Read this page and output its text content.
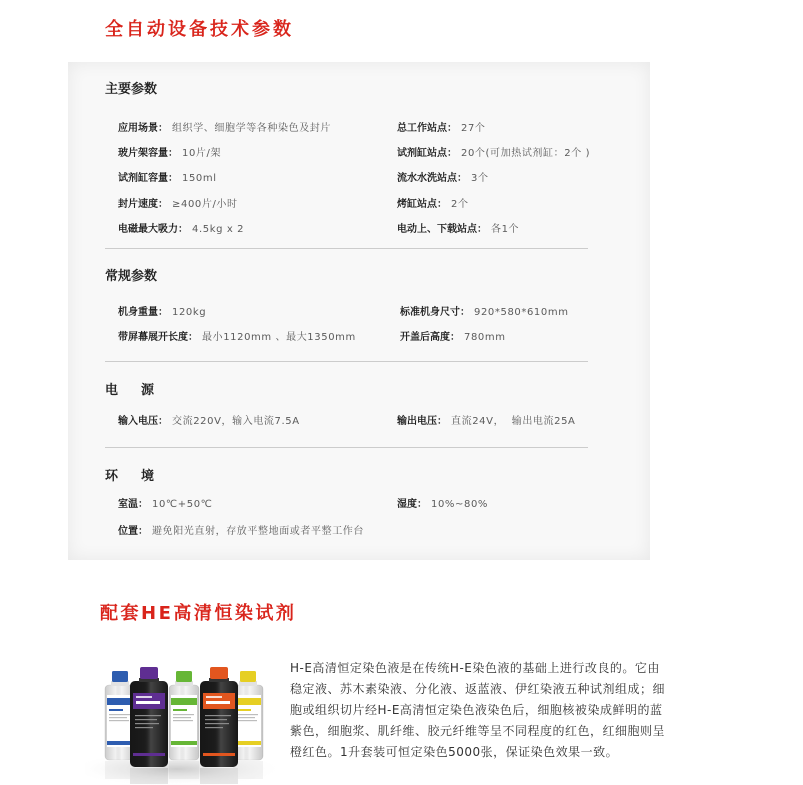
全自动设备技术参数
主要参数
应用场景： 组织学、细胞学等各种染色及封片	总工作站点： 27个
玻片架容量： 10片/架	试剂缸站点： 20个(可加热试剂缸：2个 )
试剂缸容量： 150ml	流水水洗站点： 3个
封片速度： ≥400片/小时	烤缸站点： 2个
电磁最大吸力： 4.5kg x 2	电动上、下载站点： 各1个
常规参数
机身重量： 120kg	标准机身尺寸： 920*580*610mm
带屏幕展开长度： 最小1120mm 、最大1350mm	开盖后高度： 780mm
电　源
输入电压： 交流220V，输入电流7.5A	输出电压： 直流24V，  输出电流25A
环　境
室温： 10℃+50℃	湿度： 10%~80%
位置： 避免阳光直射，存放平整地面或者平整工作台
配套HE高清恒染试剂
H-E高清恒定染色液是在传统H-E染色液的基础上进行改良的。它由
稳定液、苏木素染液、分化液、返蓝液、伊红染液五种试剂组成；细
胞或组织切片经H-E高清恒定染色液染色后，细胞核被染成鲜明的蓝
紫色，细胞浆、肌纤维、胶元纤维等呈不同程度的红色，红细胞则呈
橙红色。1升套装可恒定染色5000张，保证染色效果一致。
